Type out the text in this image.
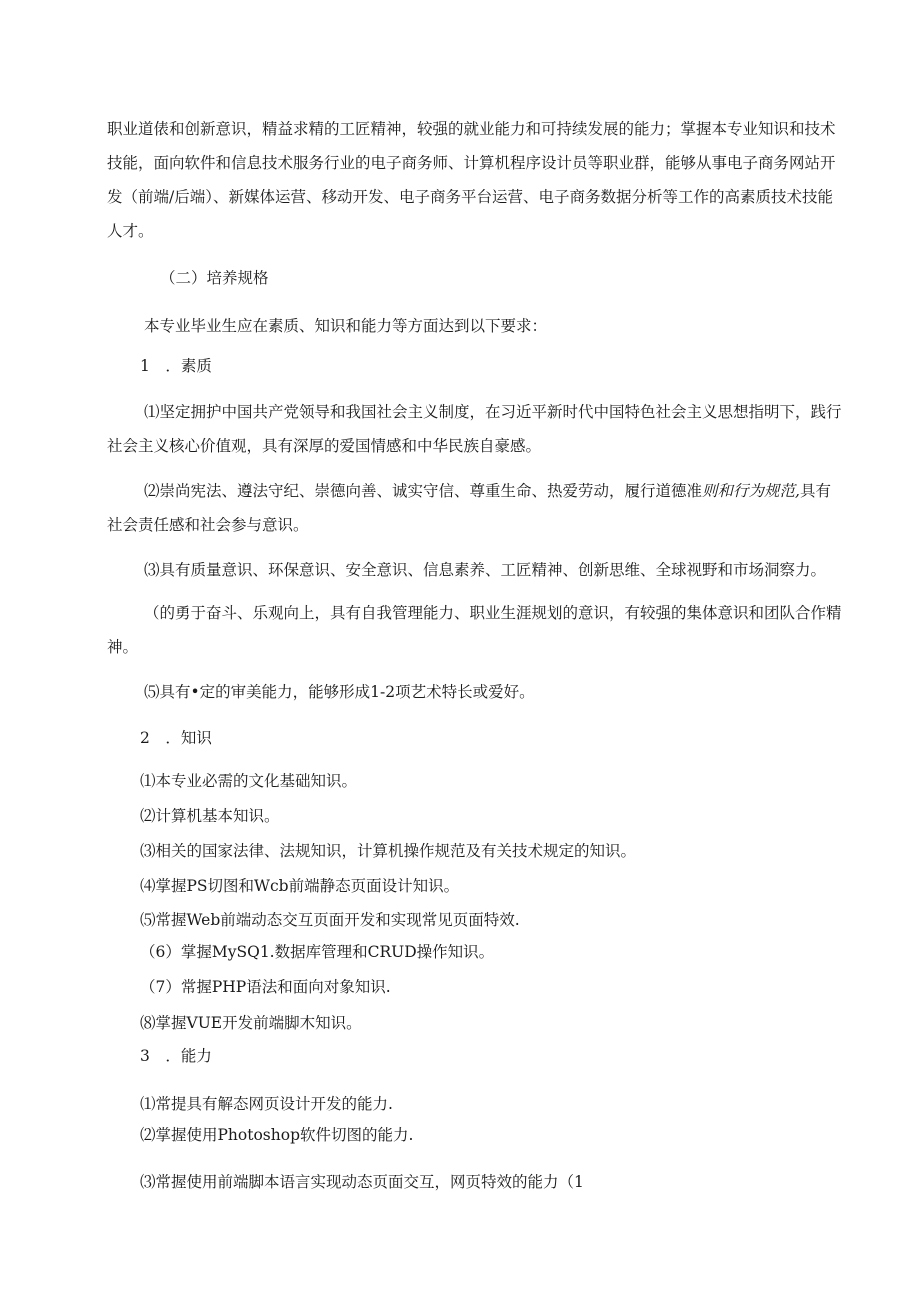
职业道俵和创新意识，精益求精的工匠精神，较强的就业能力和可持续发展的能力；掌握本专业知识和技术技能，面向软件和信息技术服务行业的电子商务师、计算机程序设计员等职业群，能够从事电子商务网站开发（前端/后端）、新媒体运营、移动开发、电子商务平台运营、电子商务数据分析等工作的高素质技术技能人才。

（二）培养规格

本专业毕业生应在素质、知识和能力等方面达到以下要求：

1　．素质

⑴坚定拥护中国共产党领导和我国社会主义制度，在习近平新时代中国特色社会主义思想指明下，践行社会主义核心价值观，具有深厚的爱国情感和中华民族自豪感。

⑵崇尚宪法、遵法守纪、崇德向善、诚实守信、尊重生命、热爱劳动，履行道德准则和行为规范,具有社会责任感和社会参与意识。

⑶具有质量意识、环保意识、安全意识、信息素养、工匠精神、创新思维、全球视野和市场洞察力。

（的勇于奋斗、乐观向上，具有自我管理能力、职业生涯规划的意识，有较强的集体意识和团队合作精神。

⑸具有•定的审美能力，能够形成1-2项艺术特长或爱好。

2　．知识

⑴本专业必需的文化基础知识。

⑵计算机基本知识。

⑶相关的国家法律、法规知识，计算机操作规范及有关技术规定的知识。

⑷掌握PS切图和Wcb前端静态页面设计知识。

⑸常握Web前端动态交互页面开发和实现常见页面特效.

（6）掌握MySQ1.数据库管理和CRUD操作知识。

（7）常握PHP语法和面向对象知识.

⑻掌握VUE开发前端脚木知识。

3　．能力

⑴常提具有解态网页设计开发的能力.

⑵掌握使用Photoshop软件切图的能力.

⑶常握使用前端脚本语言实现动态页面交互，网页特效的能力（1
